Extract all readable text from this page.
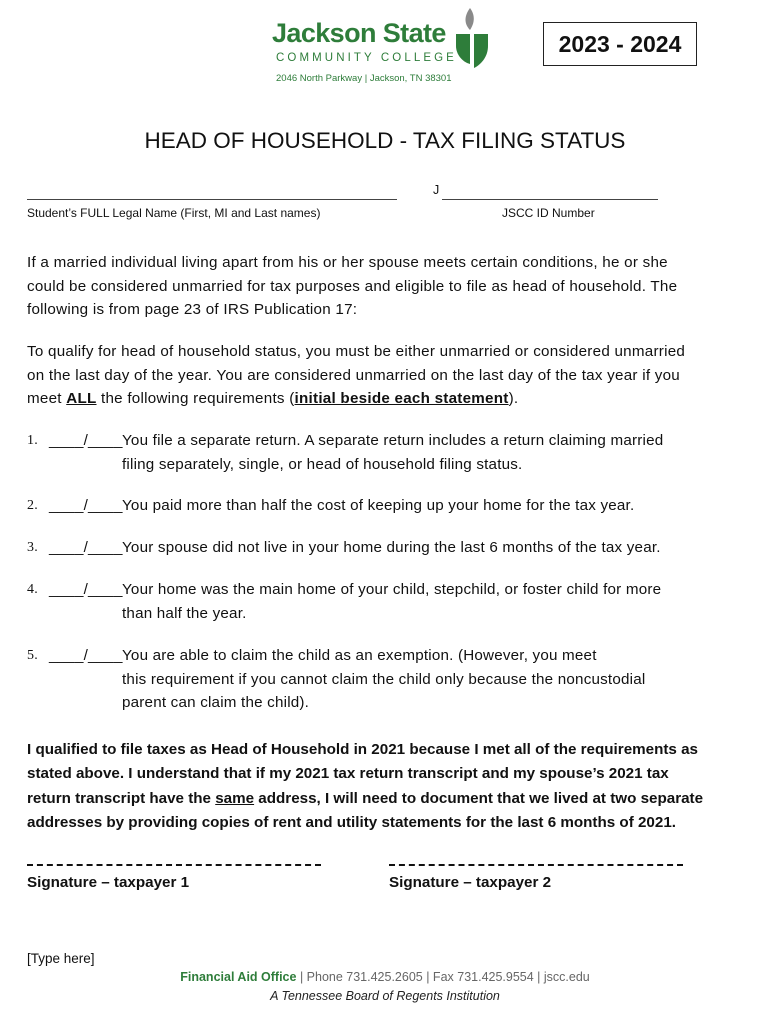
Jackson State
COMMUNITY COLLEGE
2046 North Parkway | Jackson, TN 38301
2023 - 2024
HEAD OF HOUSEHOLD - TAX FILING STATUS
J
Student’s FULL Legal Name (First, MI and Last names)	JSCC ID Number

If a married individual living apart from his or her spouse meets certain conditions, he or she

could be considered unmarried for tax purposes and eligible to file as head of household. The

following is from page 23 of IRS Publication 17:

To qualify for head of household status, you must be either unmarried or considered unmarried

on the last day of the year. You are considered unmarried on the last day of the tax year if you

meet ALL the following requirements (initial beside each statement).

1. ____/____ You file a separate return. A separate return includes a return claiming married

filing separately, single, or head of household filing status.

2. ____/____ You paid more than half the cost of keeping up your home for the tax year.

3. ____/____ Your spouse did not live in your home during the last 6 months of the tax year.

4. ____/____ Your home was the main home of your child, stepchild, or foster child for more

than half the year.

5. ____/____ You are able to claim the child as an exemption. (However, you meet

this requirement if you cannot claim the child only because the noncustodial

parent can claim the child).

I qualified to file taxes as Head of Household in 2021 because I met all of the requirements as

stated above. I understand that if my 2021 tax return transcript and my spouse’s 2021 tax

return transcript have the same address, I will need to document that we lived at two separate

addresses by providing copies of rent and utility statements for the last 6 months of 2021.

Signature – taxpayer 1	Signature – taxpayer 2
[Type here]
Financial Aid Office | Phone 731.425.2605 | Fax 731.425.9554 | jscc.edu
A Tennessee Board of Regents Institution
